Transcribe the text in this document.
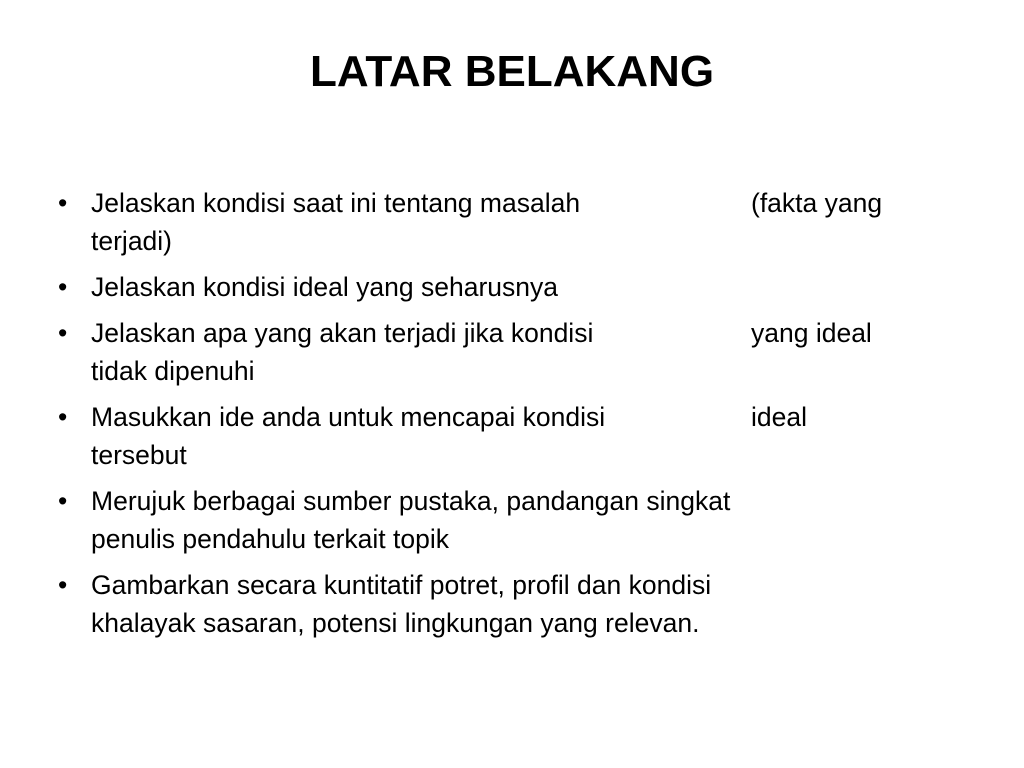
LATAR BELAKANG
• Jelaskan kondisi saat ini tentang masalah	(fakta yang
terjadi)
• Jelaskan kondisi ideal yang seharusnya
• Jelaskan apa yang akan terjadi jika kondisi	yang ideal
tidak dipenuhi
• Masukkan ide anda untuk mencapai kondisi	ideal
tersebut
• Merujuk berbagai sumber pustaka, pandangan singkat
penulis pendahulu terkait topik
• Gambarkan secara kuntitatif potret, profil dan kondisi
khalayak sasaran, potensi lingkungan yang relevan.
